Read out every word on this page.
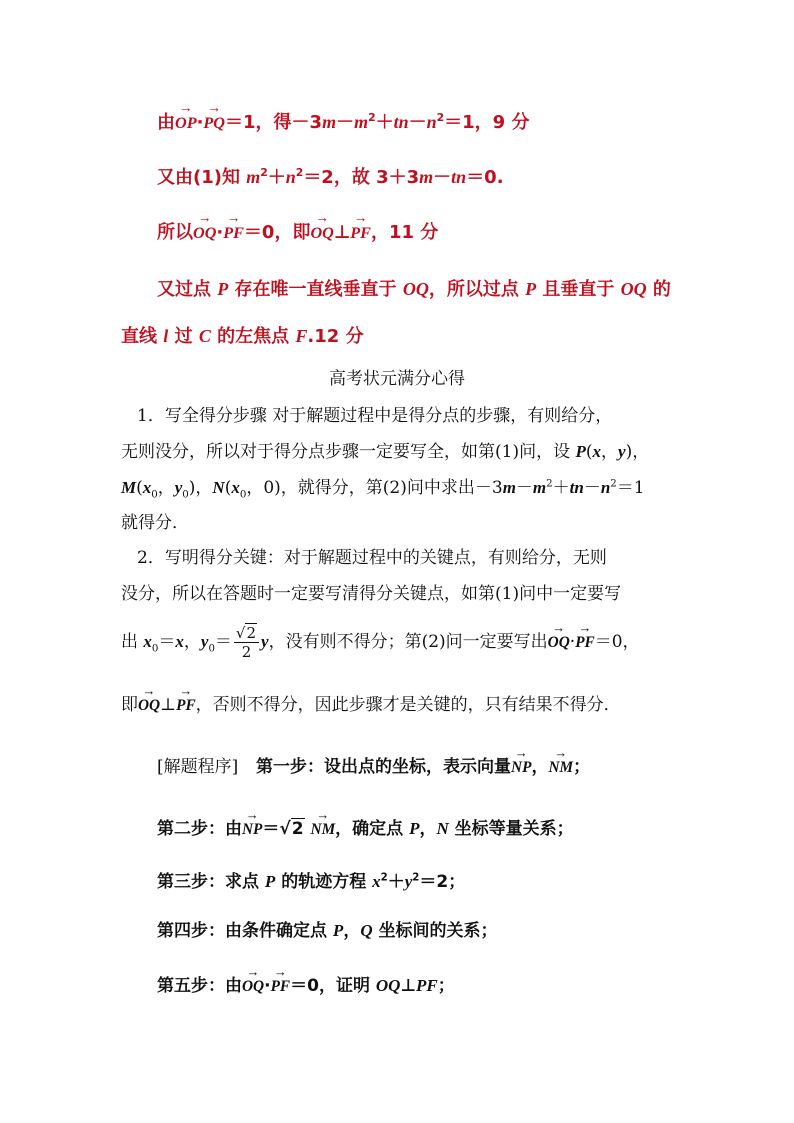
由→ OP·→ PQ＝1，得$-3m-m^2+tn-n^2=1$，9 分
又由(1)知 $m^2+n^2=2$，故 3＋3m－tn＝0.
所以→ OQ·→ PF＝0，即→ OQ⊥→ PF，11 分
又过点 P 存在唯一直线垂直于 OQ，所以过点 P 且垂直于 OQ 的
直线 l 过 C 的左焦点 F.12 分
高考状元满分心得
1．写全得分步骤 对于解题过程中是得分点的步骤，有则给分，
无则没分，所以对于得分点步骤一定要写全，如第(1)问，设 P(x，y)，
$M(x_0$，$y_0$)，$N(x_0$，0)，就得分，第(2)问中求出$-3m-m^2+tn-n^2=1$
就得分．
2．写明得分关键：对于解题过程中的关键点，有则给分，无则
没分，所以在答题时一定要写清得分关键点，如第(1)问中一定要写
出 $x_0=x$，$y_0= \frac{√2}{2}$ y，没有则不得分；第(2)问一定要写出→ OQ·→ PF＝0，
即→ OQ⊥→ PF，否则不得分，因此步骤才是关键的，只有结果不得分．
[解题程序] 第一步：设出点的坐标，表示向量→ NP，→ NM；
第二步：由→ NP＝√2 → NM，确定点 P，N 坐标等量关系；
第三步：求点 P 的轨迹方程 $x^2+y^2=2$；
第四步：由条件确定点 P，Q 坐标间的关系；
第五步：由→ OQ·→ PF＝0，证明 OQ⊥PF；
